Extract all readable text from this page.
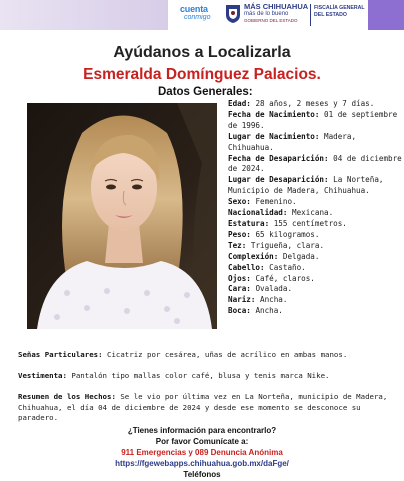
cuenta
conmigo
MÁS CHIHUAHUA
más de lo bueno
GOBIERNO DEL ESTADO
FISCALÍA GENERAL DEL ESTADO
Ayúdanos a Localizarla
Esmeralda Domínguez Palacios.
Datos Generales:
Edad: 28 años, 2 meses y 7 días.
Fecha de Nacimiento: 01 de septiembre de 1996.
Lugar de Nacimiento: Madera, Chihuahua.
Fecha de Desaparición: 04 de diciembre de 2024.
Lugar de Desaparición: La Norteña, Municipio de Madera, Chihuahua.
Sexo: Femenino.
Nacionalidad: Mexicana.
Estatura: 155 centímetros.
Peso: 65 kilogramos.
Tez: Trigueña, clara.
Complexión: Delgada.
Cabello: Castaño.
Ojos: Café, claros.
Cara: Ovalada.
Nariz: Ancha.
Boca: Ancha.
Señas Particulares: Cicatriz por cesárea, uñas de acrílico en ambas manos.
Vestimenta: Pantalón tipo mallas color café, blusa y tenis marca Nike.
Resumen de los Hechos: Se le vio por última vez en La Norteña, municipio de Madera, Chihuahua, el día 04 de diciembre de 2024 y desde ese momento se desconoce su paradero.
¿Tienes información para encontrarlo?
Por favor Comunícate a:
911 Emergencias y 089 Denuncia Anónima
https://fgewebapps.chihuahua.gob.mx/daFge/
Teléfonos
